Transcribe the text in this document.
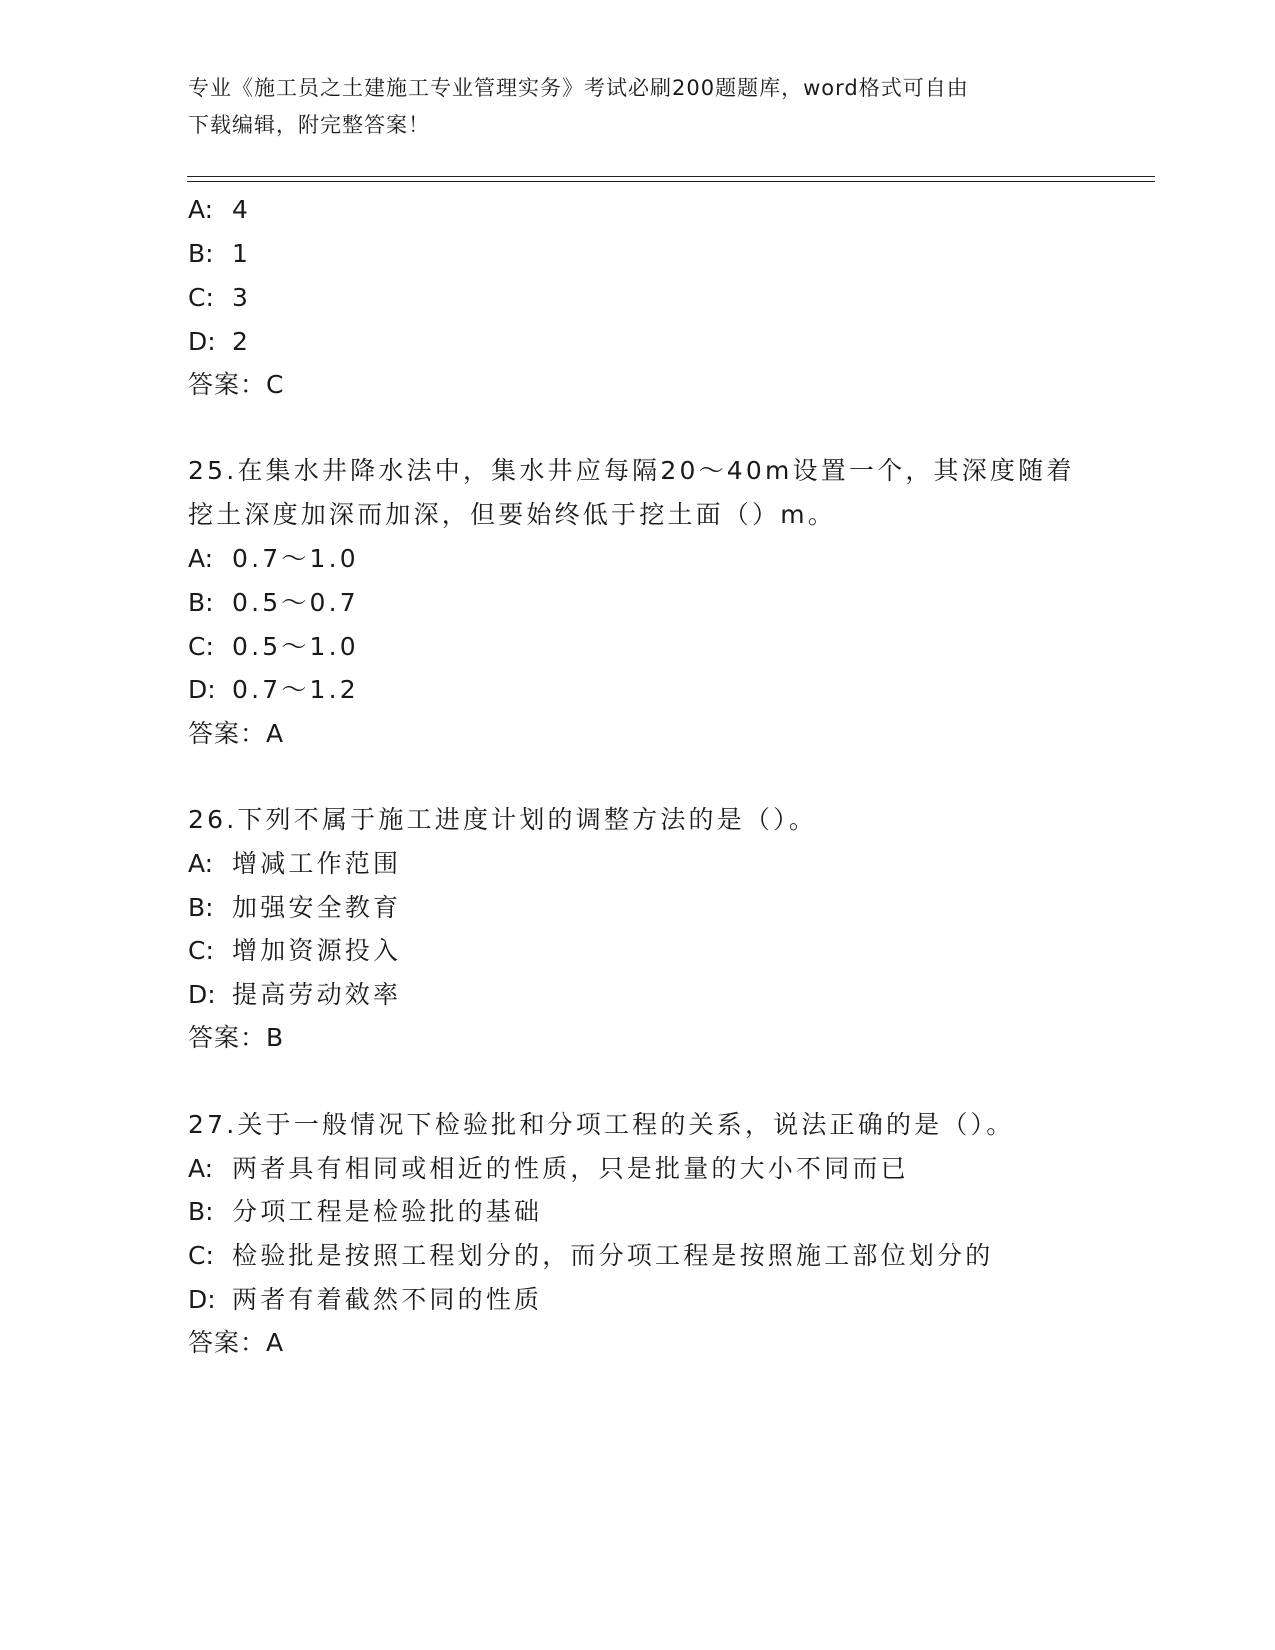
专业《施工员之土建施工专业管理实务》考试必刷200题题库，word格式可自由
下载编辑，附完整答案！
A: 4
B: 1
C: 3
D: 2
答案：C
25.在集水井降水法中，集水井应每隔20～40m设置一个，其深度随着
挖土深度加深而加深，但要始终低于挖土面（）m。
A: 0.7～1.0
B: 0.5～0.7
C: 0.5～1.0
D: 0.7～1.2
答案：A
26.下列不属于施工进度计划的调整方法的是（）。
A: 增减工作范围
B: 加强安全教育
C: 增加资源投入
D: 提高劳动效率
答案：B
27.关于一般情况下检验批和分项工程的关系，说法正确的是（）。
A: 两者具有相同或相近的性质，只是批量的大小不同而已
B: 分项工程是检验批的基础
C: 检验批是按照工程划分的，而分项工程是按照施工部位划分的
D: 两者有着截然不同的性质
答案：A
